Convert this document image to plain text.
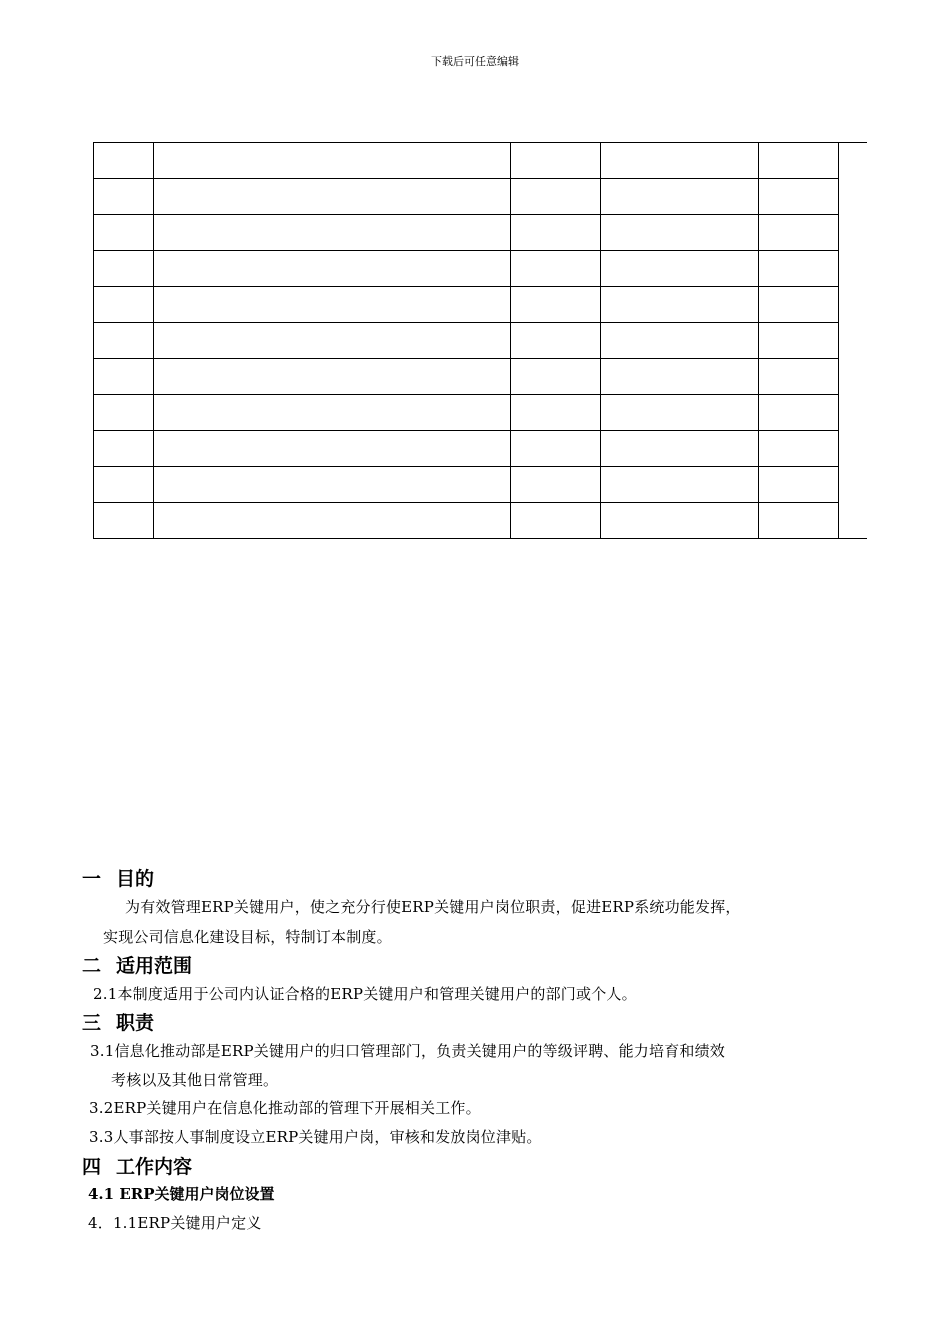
下载后可任意编辑

一 目的
为有效管理ERP关键用户，使之充分行使ERP关键用户岗位职责，促进ERP系统功能发挥，
实现公司信息化建设目标，特制订本制度。
二 适用范围
2.1本制度适用于公司内认证合格的ERP关键用户和管理关键用户的部门或个人。
三 职责
3.1信息化推动部是ERP关键用户的归口管理部门，负责关键用户的等级评聘、能力培育和绩效
考核以及其他日常管理。
3.2ERP关键用户在信息化推动部的管理下开展相关工作。
3.3人事部按人事制度设立ERP关键用户岗，审核和发放岗位津贴。
四 工作内容
4.1 ERP关键用户岗位设置
4．1.1ERP关键用户定义
